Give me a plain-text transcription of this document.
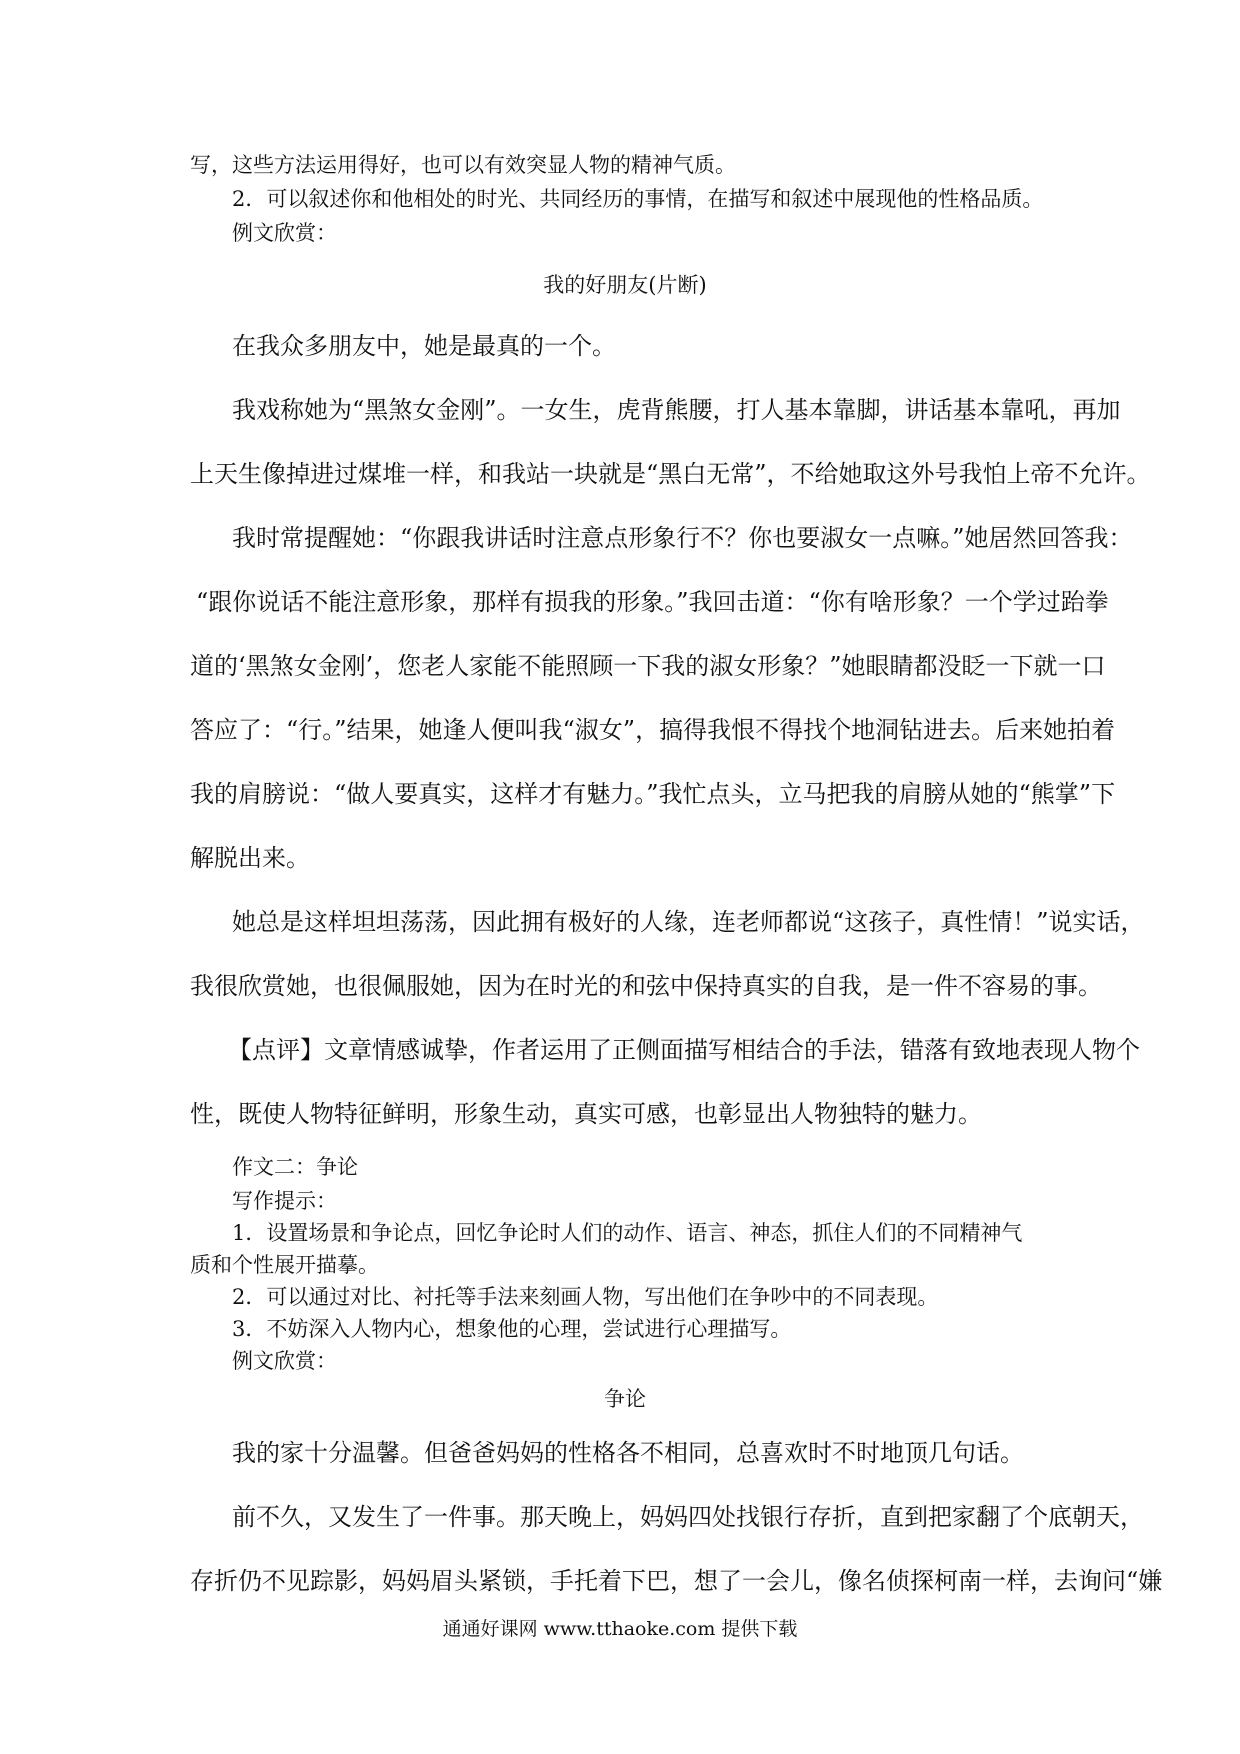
写，这些方法运用得好，也可以有效突显人物的精神气质。

2．可以叙述你和他相处的时光、共同经历的事情，在描写和叙述中展现他的性格品质。

例文欣赏：

我的好朋友(片断)

在我众多朋友中，她是最真的一个。

我戏称她为“黑煞女金刚”。一女生，虎背熊腰，打人基本靠脚，讲话基本靠吼，再加

上天生像掉进过煤堆一样，和我站一块就是“黑白无常”，不给她取这外号我怕上帝不允许。

我时常提醒她：“你跟我讲话时注意点形象行不？你也要淑女一点嘛。”她居然回答我：

“跟你说话不能注意形象，那样有损我的形象。”我回击道：“你有啥形象？一个学过跆拳

道的‘黑煞女金刚’，您老人家能不能照顾一下我的淑女形象？”她眼睛都没眨一下就一口

答应了：“行。”结果，她逢人便叫我“淑女”，搞得我恨不得找个地洞钻进去。后来她拍着

我的肩膀说：“做人要真实，这样才有魅力。”我忙点头，立马把我的肩膀从她的“熊掌”下

解脱出来。

她总是这样坦坦荡荡，因此拥有极好的人缘，连老师都说“这孩子，真性情！”说实话，

我很欣赏她，也很佩服她，因为在时光的和弦中保持真实的自我，是一件不容易的事。

【点评】文章情感诚挚，作者运用了正侧面描写相结合的手法，错落有致地表现人物个

性，既使人物特征鲜明，形象生动，真实可感，也彰显出人物独特的魅力。

作文二：争论

写作提示：

1．设置场景和争论点，回忆争论时人们的动作、语言、神态，抓住人们的不同精神气

质和个性展开描摹。

2．可以通过对比、衬托等手法来刻画人物，写出他们在争吵中的不同表现。

3．不妨深入人物内心，想象他的心理，尝试进行心理描写。

例文欣赏：

争论

我的家十分温馨。但爸爸妈妈的性格各不相同，总喜欢时不时地顶几句话。

前不久，又发生了一件事。那天晚上，妈妈四处找银行存折，直到把家翻了个底朝天，

存折仍不见踪影，妈妈眉头紧锁，手托着下巴，想了一会儿，像名侦探柯南一样，去询问“嫌

通通好课网 www.tthaoke.com 提供下载
